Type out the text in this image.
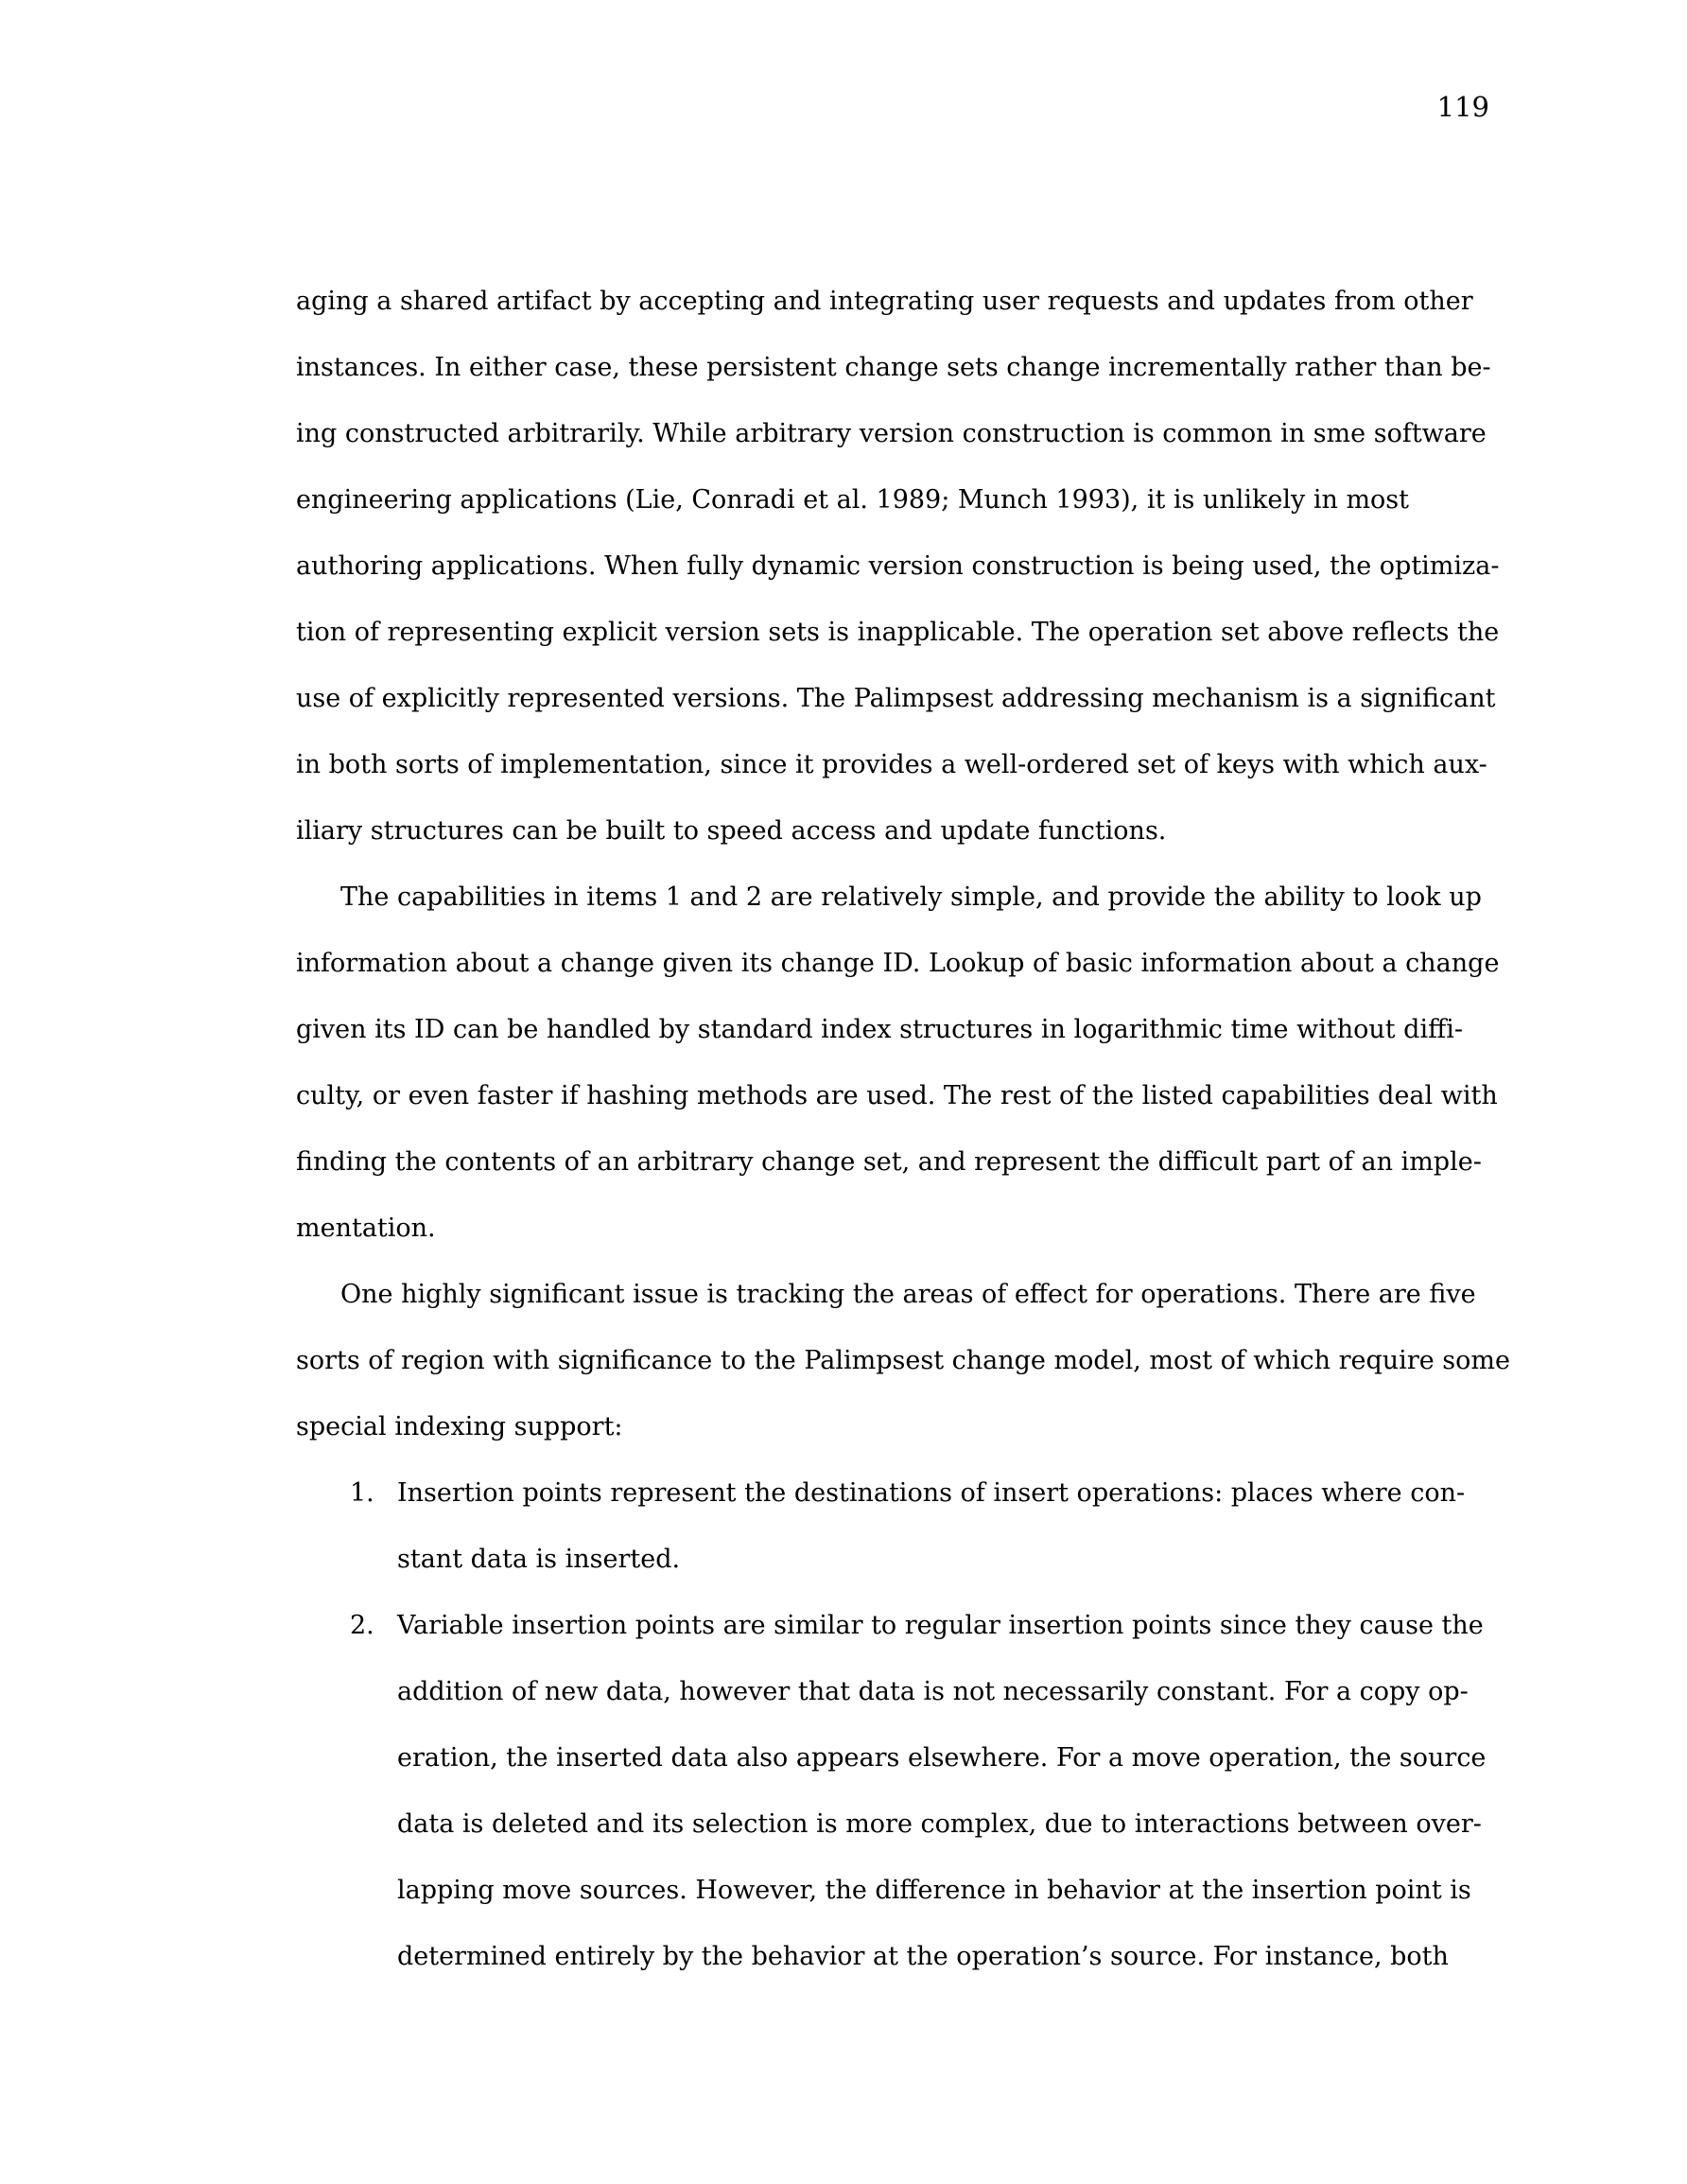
119
aging a shared artifact by accepting and integrating user requests and updates from other
instances. In either case, these persistent change sets change incrementally rather than be-
ing constructed arbitrarily. While arbitrary version construction is common in sme software
engineering applications (Lie, Conradi et al. 1989; Munch 1993), it is unlikely in most
authoring applications. When fully dynamic version construction is being used, the optimiza-
tion of representing explicit version sets is inapplicable. The operation set above reflects the
use of explicitly represented versions. The Palimpsest addressing mechanism is a significant
in both sorts of implementation, since it provides a well-ordered set of keys with which aux-
iliary structures can be built to speed access and update functions.
The capabilities in items 1 and 2 are relatively simple, and provide the ability to look up
information about a change given its change ID. Lookup of basic information about a change
given its ID can be handled by standard index structures in logarithmic time without diffi-
culty, or even faster if hashing methods are used. The rest of the listed capabilities deal with
finding the contents of an arbitrary change set, and represent the difficult part of an imple-
mentation.
One highly significant issue is tracking the areas of effect for operations. There are five
sorts of region with significance to the Palimpsest change model, most of which require some
special indexing support:
1. Insertion points represent the destinations of insert operations: places where con-
stant data is inserted.
2. Variable insertion points are similar to regular insertion points since they cause the
addition of new data, however that data is not necessarily constant. For a copy op-
eration, the inserted data also appears elsewhere. For a move operation, the source
data is deleted and its selection is more complex, due to interactions between over-
lapping move sources. However, the difference in behavior at the insertion point is
determined entirely by the behavior at the operation’s source. For instance, both
